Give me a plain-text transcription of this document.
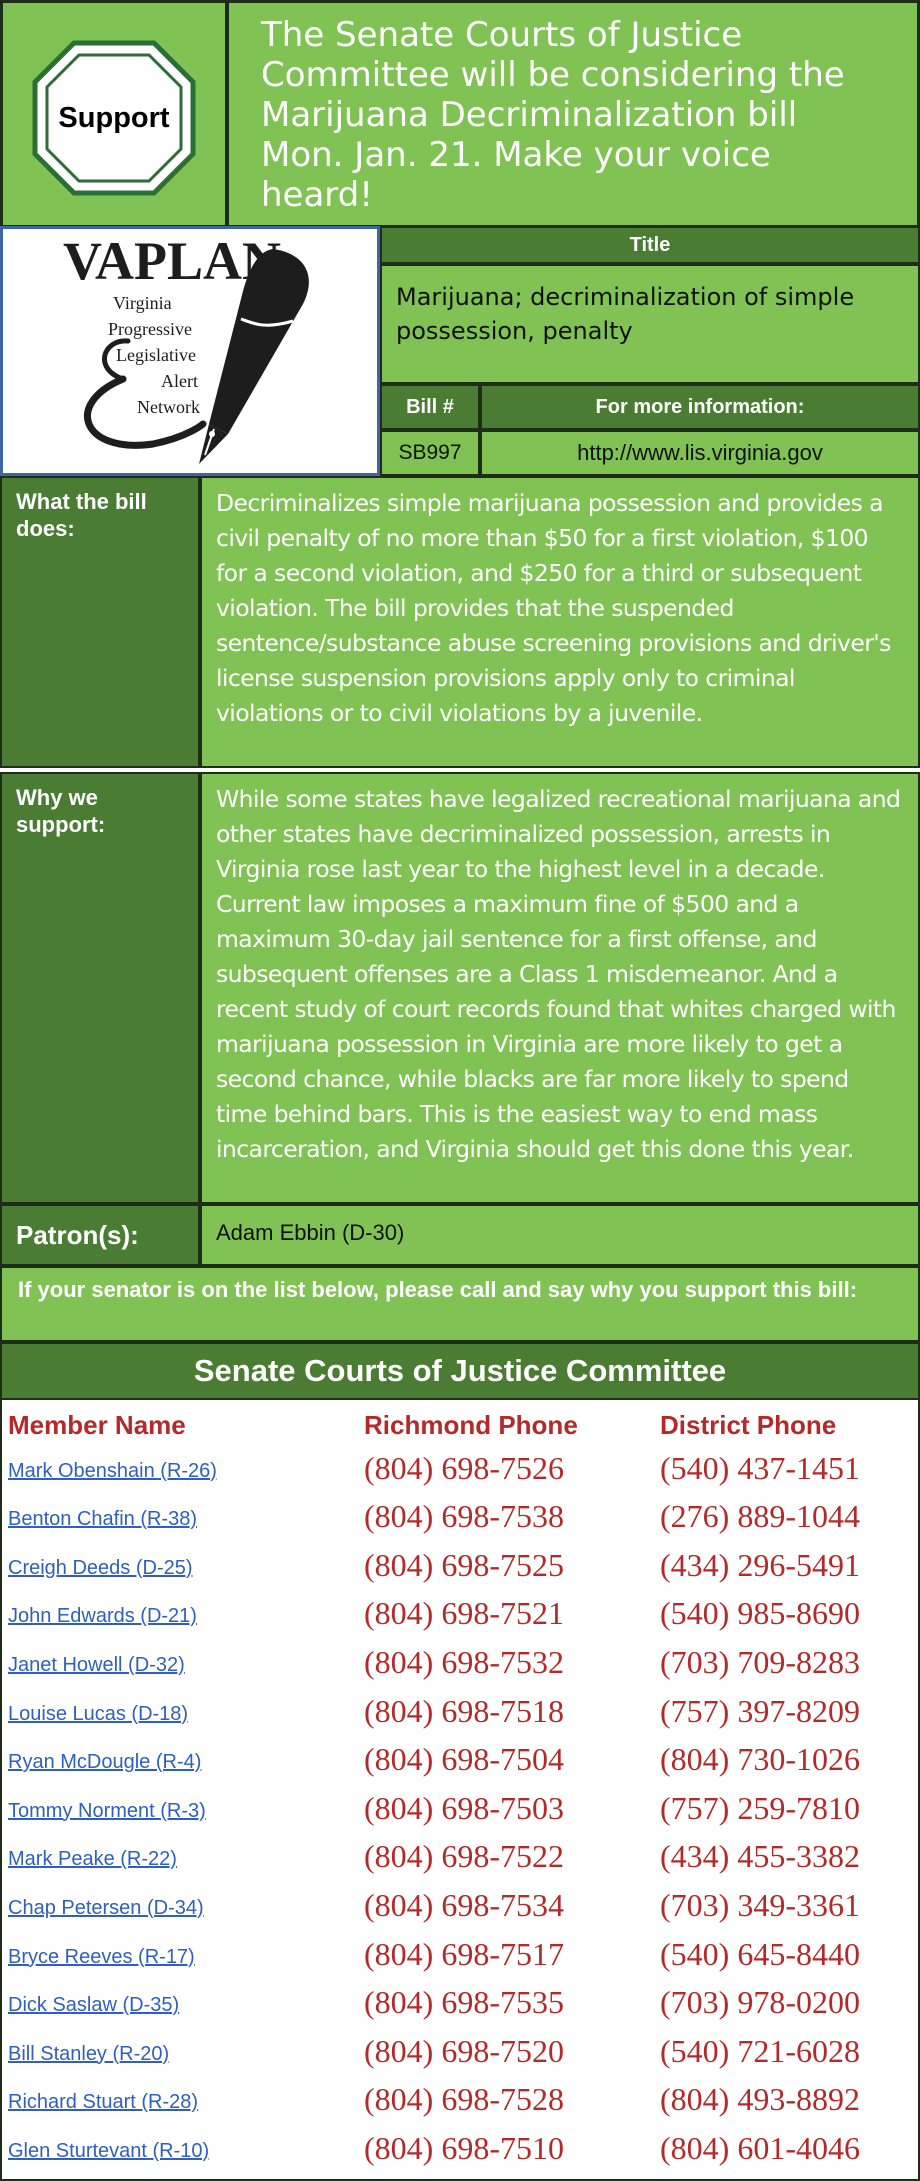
Support

The Senate Courts of Justice Committee will be considering the Marijuana Decriminalization bill Mon. Jan. 21. Make your voice heard!

VAPLAN
Virginia
Progressive
Legislative
Alert
Network
Title
Marijuana; decriminalization of simple possession, penalty
Bill #	For more information:
SB997	http://www.lis.virginia.gov
What the bill does:
Decriminalizes simple marijuana possession and provides a civil penalty of no more than $50 for a first violation, $100 for a second violation, and $250 for a third or subsequent violation. The bill provides that the suspended sentence/substance abuse screening provisions and driver's license suspension provisions apply only to criminal violations or to civil violations by a juvenile.
Why we support:
While some states have legalized recreational marijuana and other states have decriminalized possession, arrests in Virginia rose last year to the highest level in a decade. Current law imposes a maximum fine of $500 and a maximum 30-day jail sentence for a first offense, and subsequent offenses are a Class 1 misdemeanor. And a recent study of court records found that whites charged with marijuana possession in Virginia are more likely to get a second chance, while blacks are far more likely to spend time behind bars. This is the easiest way to end mass incarceration, and Virginia should get this done this year.
Patron(s):	Adam Ebbin (D-30)
If your senator is on the list below, please call and say why you support this bill:
Senate Courts of Justice Committee
Member Name	Richmond Phone	District Phone
Mark Obenshain (R-26)	(804) 698-7526	(540) 437-1451
Benton Chafin (R-38)	(804) 698-7538	(276) 889-1044
Creigh Deeds (D-25)	(804) 698-7525	(434) 296-5491
John Edwards (D-21)	(804) 698-7521	(540) 985-8690
Janet Howell (D-32)	(804) 698-7532	(703) 709-8283
Louise Lucas (D-18)	(804) 698-7518	(757) 397-8209
Ryan McDougle (R-4)	(804) 698-7504	(804) 730-1026
Tommy Norment (R-3)	(804) 698-7503	(757) 259-7810
Mark Peake (R-22)	(804) 698-7522	(434) 455-3382
Chap Petersen (D-34)	(804) 698-7534	(703) 349-3361
Bryce Reeves (R-17)	(804) 698-7517	(540) 645-8440
Dick Saslaw (D-35)	(804) 698-7535	(703) 978-0200
Bill Stanley (R-20)	(804) 698-7520	(540) 721-6028
Richard Stuart (R-28)	(804) 698-7528	(804) 493-8892
Glen Sturtevant (R-10)	(804) 698-7510	(804) 601-4046
